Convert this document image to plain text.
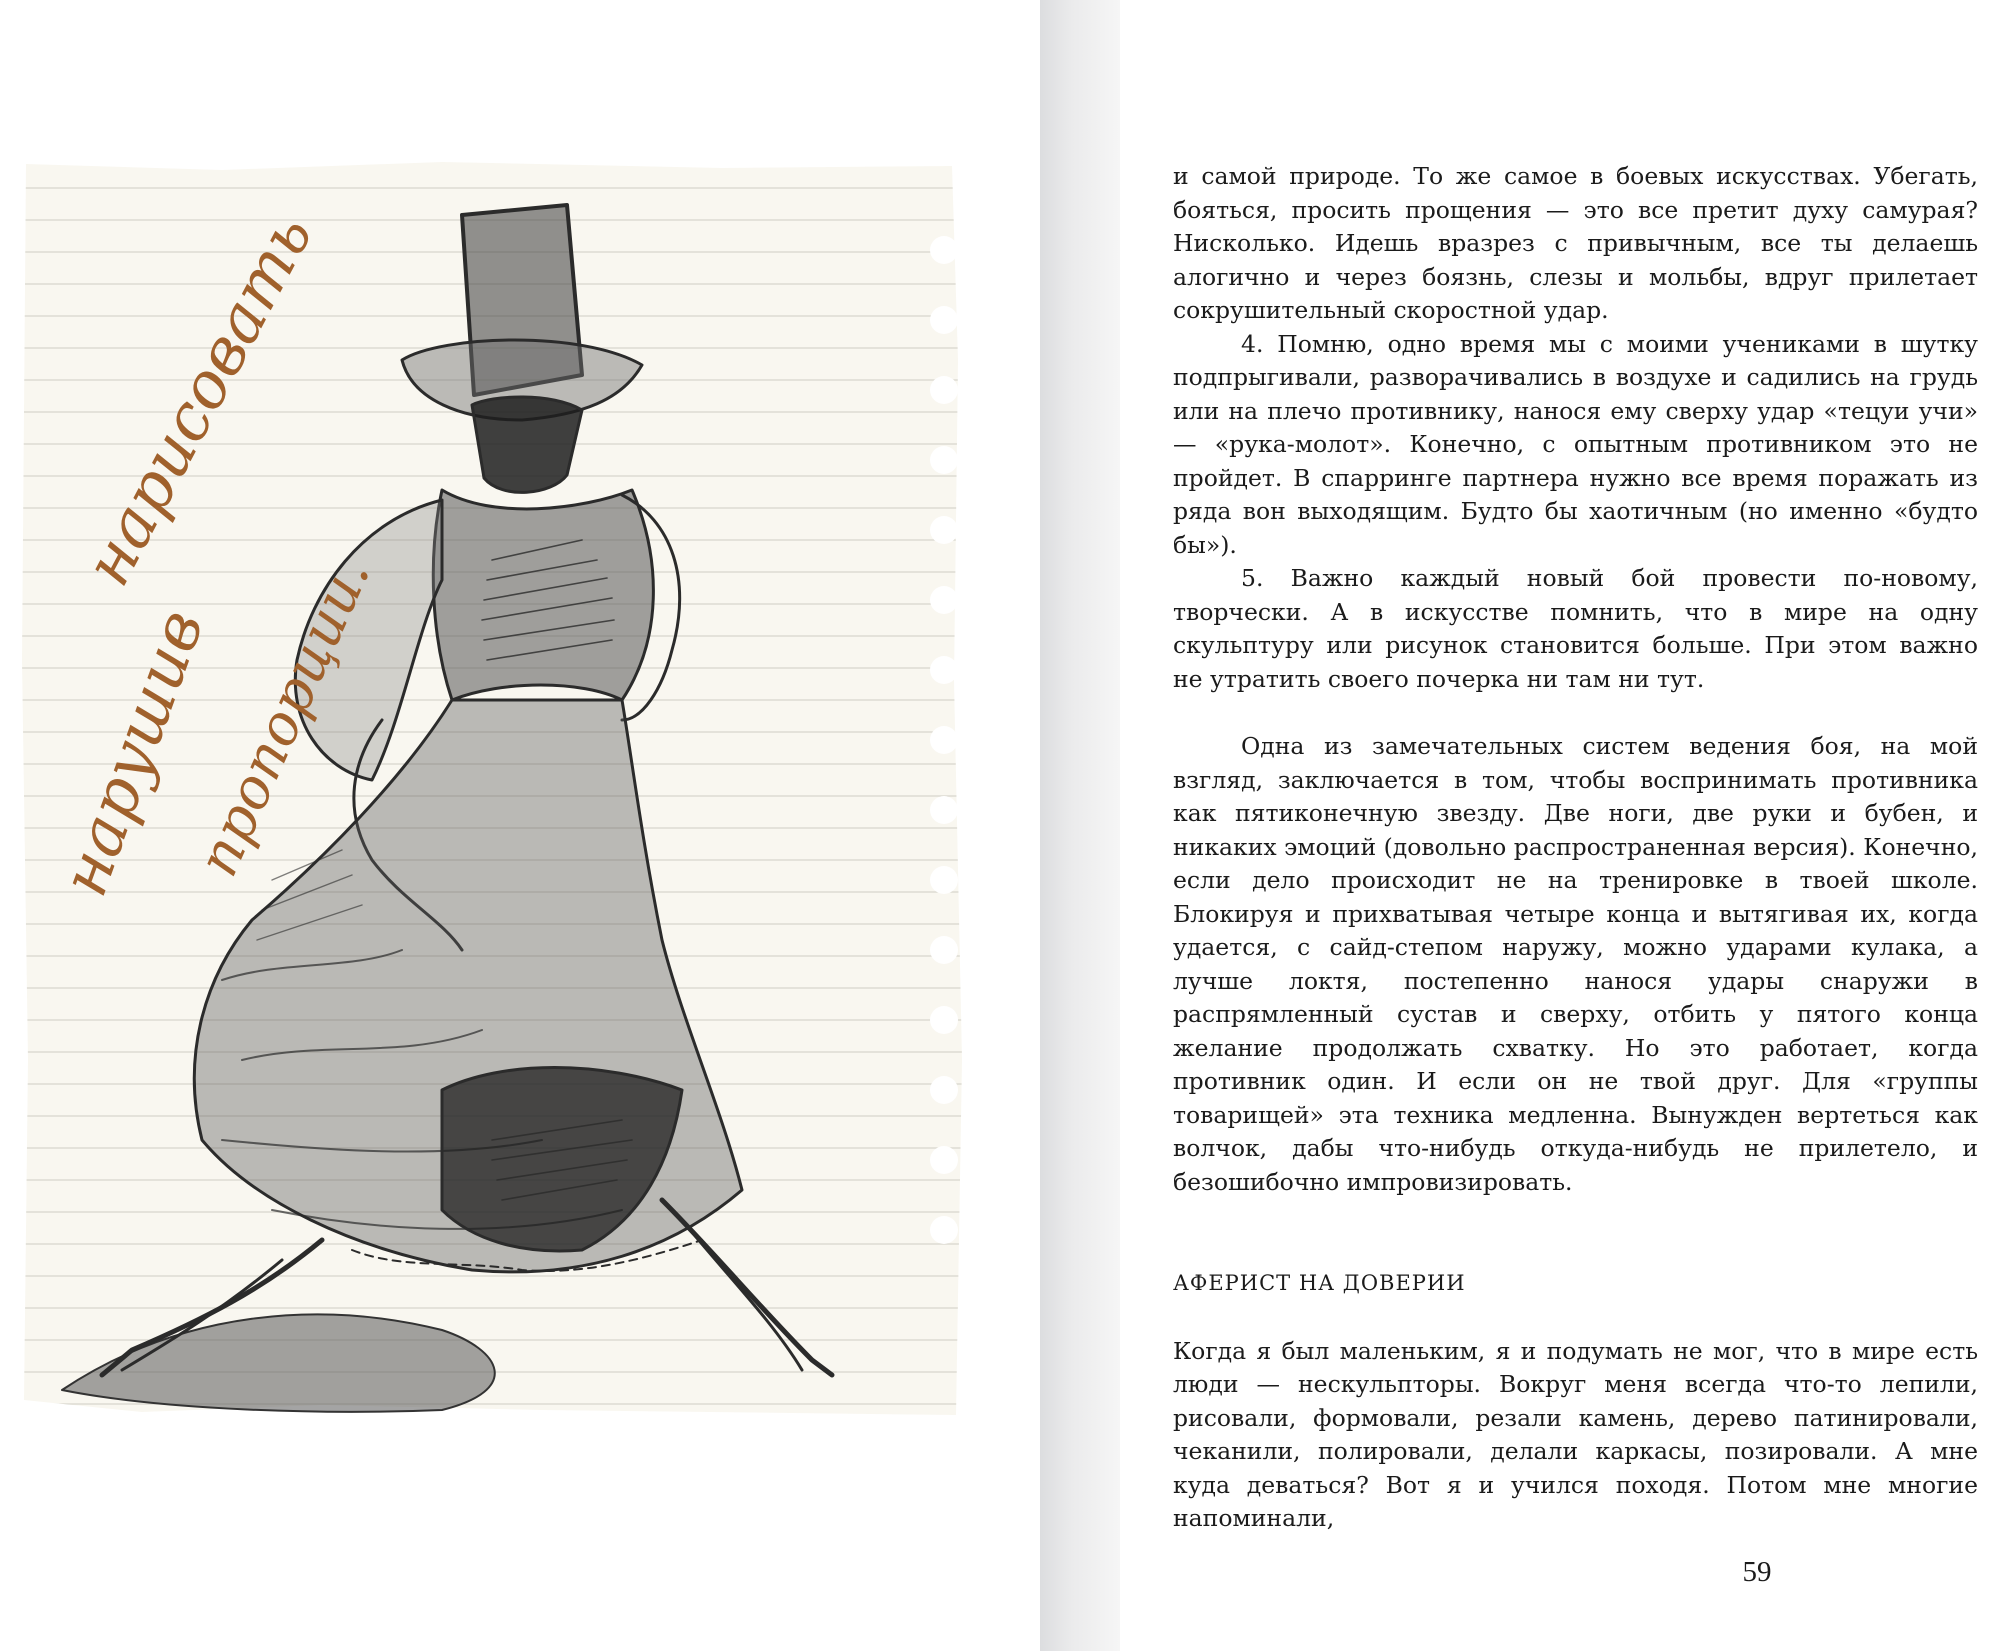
нарисовать
нарушив
пропорции.

и самой природе. То же самое в боевых искусствах. Убегать, бояться, просить прощения — это все претит духу самурая? Нисколько. Идешь вразрез с привычным, все ты делаешь алогично и через боязнь, слезы и мольбы, вдруг прилетает сокрушительный скоростной удар.

4. Помню, одно время мы с моими учениками в шутку подпрыгивали, разворачивались в воздухе и садились на грудь или на плечо противнику, нанося ему сверху удар «тецуи учи» — «рука-молот». Конечно, с опытным противником это не пройдет. В спарринге партнера нужно все время поражать из ряда вон выходящим. Будто бы хаотичным (но именно «будто бы»).

5. Важно каждый новый бой провести по-новому, творчески. А в искусстве помнить, что в мире на одну скульптуру или рисунок становится больше. При этом важно не утратить своего почерка ни там ни тут.

Одна из замечательных систем ведения боя, на мой взгляд, заключается в том, чтобы воспринимать противника как пятиконечную звезду. Две ноги, две руки и бубен, и никаких эмоций (довольно распространенная версия). Конечно, если дело происходит не на тренировке в твоей школе. Блокируя и прихватывая четыре конца и вытягивая их, когда удается, с сайд-степом наружу, можно ударами кулака, а лучше локтя, постепенно нанося удары снаружи в распрямленный сустав и сверху, отбить у пятого конца желание продолжать схватку. Но это работает, когда противник один. И если он не твой друг. Для «группы товарищей» эта техника медленна. Вынужден вертеться как волчок, дабы что-нибудь откуда-нибудь не прилетело, и безошибочно импровизировать.

АФЕРИСТ НА ДОВЕРИИ

Когда я был маленьким, я и подумать не мог, что в мире есть люди — нескульпторы. Вокруг меня всегда что-то лепили, рисовали, формовали, резали камень, дерево патинировали, чеканили, полировали, делали каркасы, позировали. А мне куда деваться? Вот я и учился походя. Потом мне многие напоминали,

59
